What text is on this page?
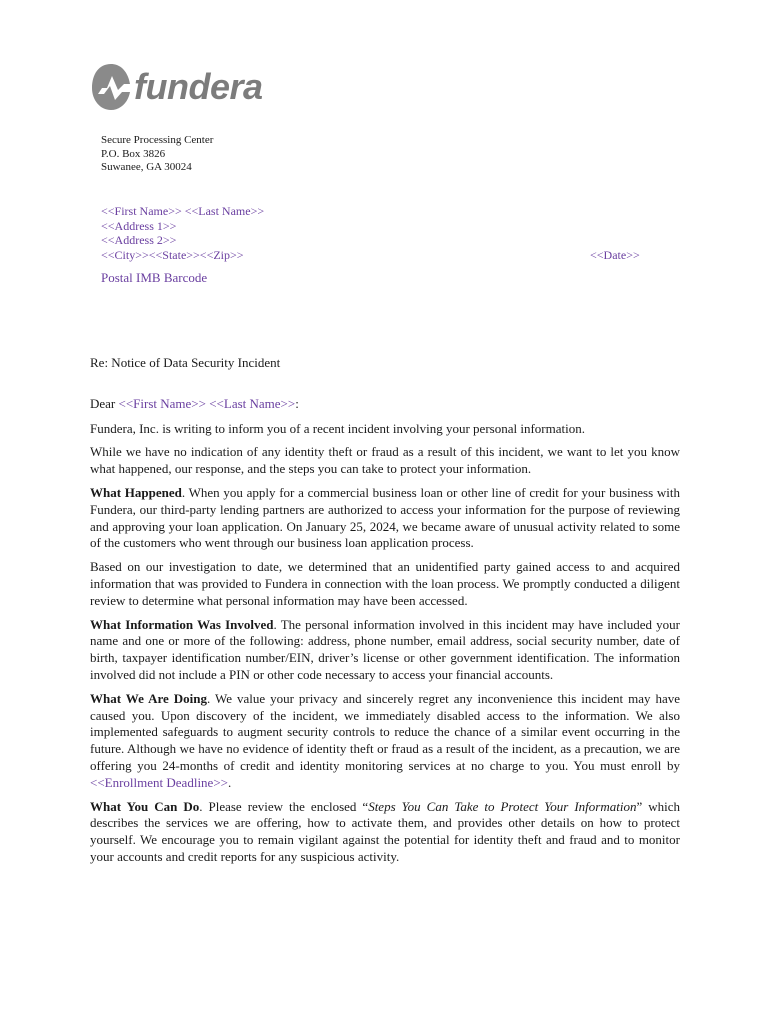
fundera
Secure Processing Center
P.O. Box 3826
Suwanee, GA 30024
<<First Name>> <<Last Name>>
<<Address 1>>
<<Address 2>>
<<City>><<State>><<Zip>>	<<Date>>
Postal IMB Barcode
Re: Notice of Data Security Incident
Dear <<First Name>> <<Last Name>>:
Fundera, Inc. is writing to inform you of a recent incident involving your personal information.
While we have no indication of any identity theft or fraud as a result of this incident, we want to let you know what happened, our response, and the steps you can take to protect your information.
What Happened. When you apply for a commercial business loan or other line of credit for your business with Fundera, our third-party lending partners are authorized to access your information for the purpose of reviewing and approving your loan application. On January 25, 2024, we became aware of unusual activity related to some of the customers who went through our business loan application process.
Based on our investigation to date, we determined that an unidentified party gained access to and acquired information that was provided to Fundera in connection with the loan process. We promptly conducted a diligent review to determine what personal information may have been accessed.
What Information Was Involved. The personal information involved in this incident may have included your name and one or more of the following: address, phone number, email address, social security number, date of birth, taxpayer identification number/EIN, driver’s license or other government identification. The information involved did not include a PIN or other code necessary to access your financial accounts.
What We Are Doing. We value your privacy and sincerely regret any inconvenience this incident may have caused you. Upon discovery of the incident, we immediately disabled access to the information. We also implemented safeguards to augment security controls to reduce the chance of a similar event occurring in the future. Although we have no evidence of identity theft or fraud as a result of the incident, as a precaution, we are offering you 24-months of credit and identity monitoring services at no charge to you. You must enroll by <<Enrollment Deadline>>.
What You Can Do. Please review the enclosed “Steps You Can Take to Protect Your Information” which describes the services we are offering, how to activate them, and provides other details on how to protect yourself. We encourage you to remain vigilant against the potential for identity theft and fraud and to monitor your accounts and credit reports for any suspicious activity.
